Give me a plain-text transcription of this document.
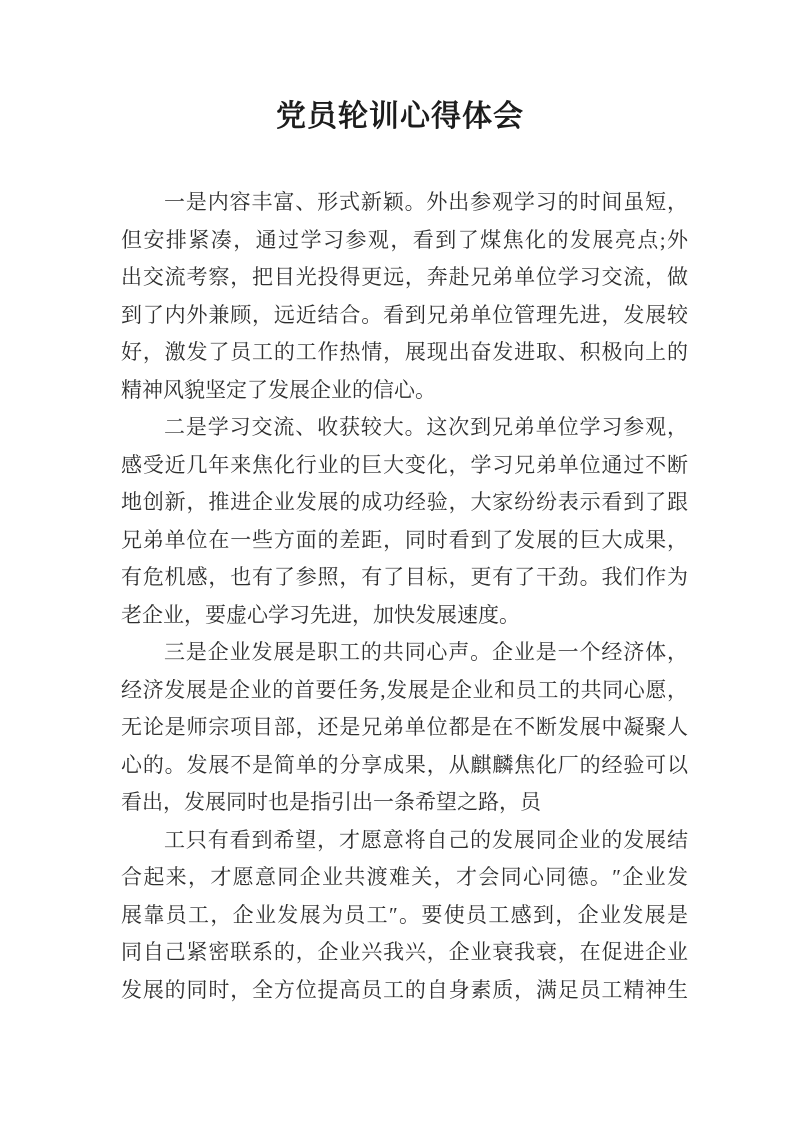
党员轮训心得体会
一是内容丰富、形式新颖。外出参观学习的时间虽短，
但安排紧凑，通过学习参观，看到了煤焦化的发展亮点;外
出交流考察，把目光投得更远，奔赴兄弟单位学习交流，做
到了内外兼顾，远近结合。看到兄弟单位管理先进，发展较
好，激发了员工的工作热情，展现出奋发进取、积极向上的
精神风貌坚定了发展企业的信心。
二是学习交流、收获较大。这次到兄弟单位学习参观，
感受近几年来焦化行业的巨大变化，学习兄弟单位通过不断
地创新，推进企业发展的成功经验，大家纷纷表示看到了跟
兄弟单位在一些方面的差距，同时看到了发展的巨大成果，
有危机感，也有了参照，有了目标，更有了干劲。我们作为
老企业，要虚心学习先进，加快发展速度。
三是企业发展是职工的共同心声。企业是一个经济体，
经济发展是企业的首要任务,发展是企业和员工的共同心愿，
无论是师宗项目部，还是兄弟单位都是在不断发展中凝聚人
心的。发展不是简单的分享成果，从麒麟焦化厂的经验可以
看出，发展同时也是指引出一条希望之路，员
工只有看到希望，才愿意将自己的发展同企业的发展结
合起来，才愿意同企业共渡难关，才会同心同德。″企业发
展靠员工，企业发展为员工″。要使员工感到，企业发展是
同自己紧密联系的，企业兴我兴，企业衰我衰，在促进企业
发展的同时，全方位提高员工的自身素质，满足员工精神生
